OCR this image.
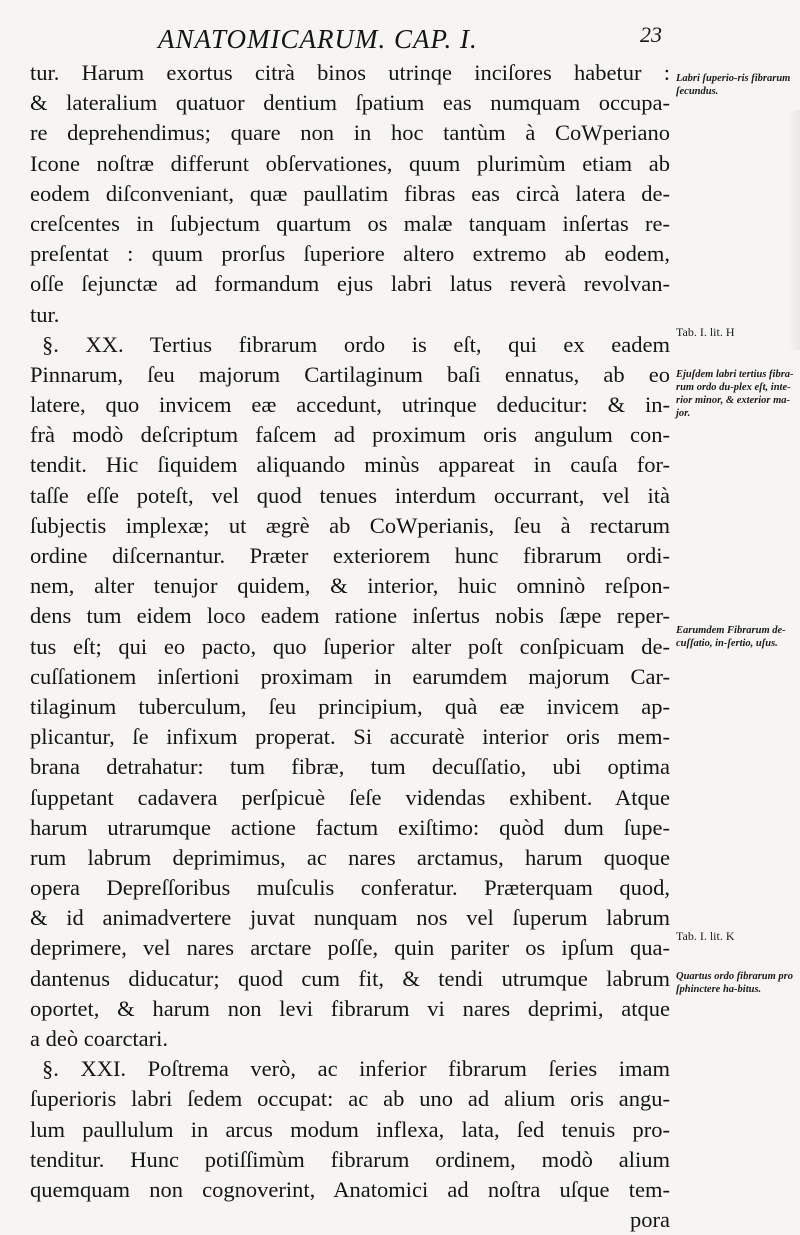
ANATOMICARUM. CAP. I.	23
tur. Harum exortus citrà binos utrinqe inciſores habetur :
& lateralium quatuor dentium ſpatium eas numquam occupa-
re deprehendimus; quare non in hoc tantùm à CoWperiano
Icone noſtræ differunt obſervationes, quum plurimùm etiam ab
eodem diſconveniant, quæ paullatim fibras eas circà latera de-
creſcentes in ſubjectum quartum os malæ tanquam inſertas re-
preſentat : quum prorſus ſuperiore altero extremo ab eodem,
oſſe ſejunctæ ad formandum ejus labri latus reverà revolvan-
tur.
§. XX. Tertius fibrarum ordo is eſt, qui ex eadem
Pinnarum, ſeu majorum Cartilaginum baſi ennatus, ab eo
latere, quo invicem eæ accedunt, utrinque deducitur: & in-
frà modò deſcriptum faſcem ad proximum oris angulum con-
tendit. Hic ſiquidem aliquando minùs appareat in cauſa for-
taſſe eſſe poteſt, vel quod tenues interdum occurrant, vel ità
ſubjectis implexæ; ut ægrè ab CoWperianis, ſeu à rectarum
ordine diſcernantur. Præter exteriorem hunc fibrarum ordi-
nem, alter tenujor quidem, & interior, huic omninò reſpon-
dens tum eidem loco eadem ratione inſertus nobis ſæpe reper-
tus eſt; qui eo pacto, quo ſuperior alter poſt conſpicuam de-
cuſſationem inſertioni proximam in earumdem majorum Car-
tilaginum tuberculum, ſeu principium, quà eæ invicem ap-
plicantur, ſe infixum properat. Si accuratè interior oris mem-
brana detrahatur: tum fibræ, tum decuſſatio, ubi optima
ſuppetant cadavera perſpicuè ſeſe videndas exhibent. Atque
harum utrarumque actione factum exiſtimo: quòd dum ſupe-
rum labrum deprimimus, ac nares arctamus, harum quoque
opera Depreſſoribus muſculis conferatur. Præterquam quod,
& id animadvertere juvat nunquam nos vel ſuperum labrum
deprimere, vel nares arctare poſſe, quin pariter os ipſum qua-
dantenus diducatur; quod cum fit, & tendi utrumque labrum
oportet, & harum non levi fibrarum vi nares deprimi, atque
a deò coarctari.
§. XXI. Poſtrema verò, ac inferior fibrarum ſeries imam
ſuperioris labri ſedem occupat: ac ab uno ad alium oris angu-
lum paullulum in arcus modum inflexa, lata, ſed tenuis pro-
tenditur. Hunc potiſſimùm fibrarum ordinem, modò alium
quemquam non cognoverint, Anatomici ad noſtra uſque tem-
pora
Labri ſuperio-ris fibrarum ſecundus.
Tab. I. lit. H
Ejuſdem labri tertius fibra-rum ordo du-plex eſt, inte-rior minor, & exterior ma-jor.
Earumdem Fibrarum de-cuſſatio, in-ſertio, uſus.
Tab. I. lit. K
Quartus ordo fibrarum pro ſphinctere ha-bitus.
